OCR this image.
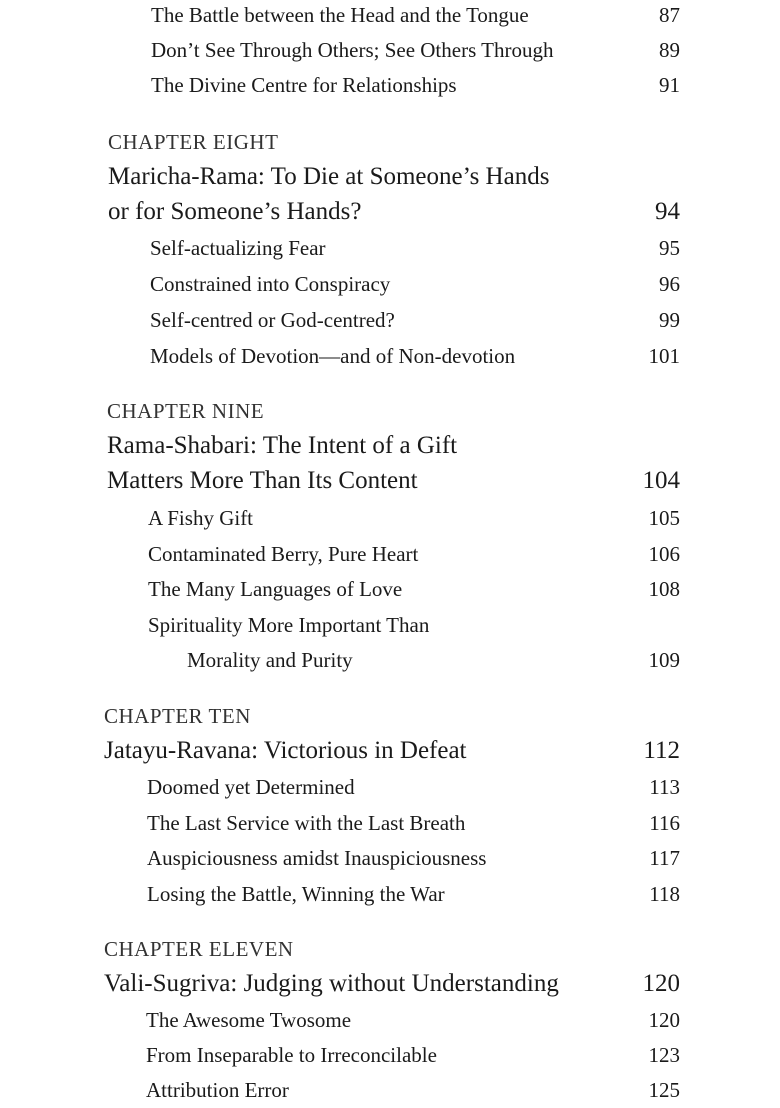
The Battle between the Head and the Tongue	87
Don’t See Through Others; See Others Through	89
The Divine Centre for Relationships	91
CHAPTER EIGHT
Maricha-Rama: To Die at Someone’s Hands
or for Someone’s Hands?	94
Self-actualizing Fear	95
Constrained into Conspiracy	96
Self-centred or God-centred?	99
Models of Devotion—and of Non-devotion	101
CHAPTER NINE
Rama-Shabari: The Intent of a Gift
Matters More Than Its Content	104
A Fishy Gift	105
Contaminated Berry, Pure Heart	106
The Many Languages of Love	108
Spirituality More Important Than
Morality and Purity	109
CHAPTER TEN
Jatayu-Ravana: Victorious in Defeat	112
Doomed yet Determined	113
The Last Service with the Last Breath	116
Auspiciousness amidst Inauspiciousness	117
Losing the Battle, Winning the War	118
CHAPTER ELEVEN
Vali-Sugriva: Judging without Understanding	120
The Awesome Twosome	120
From Inseparable to Irreconcilable	123
Attribution Error	125
